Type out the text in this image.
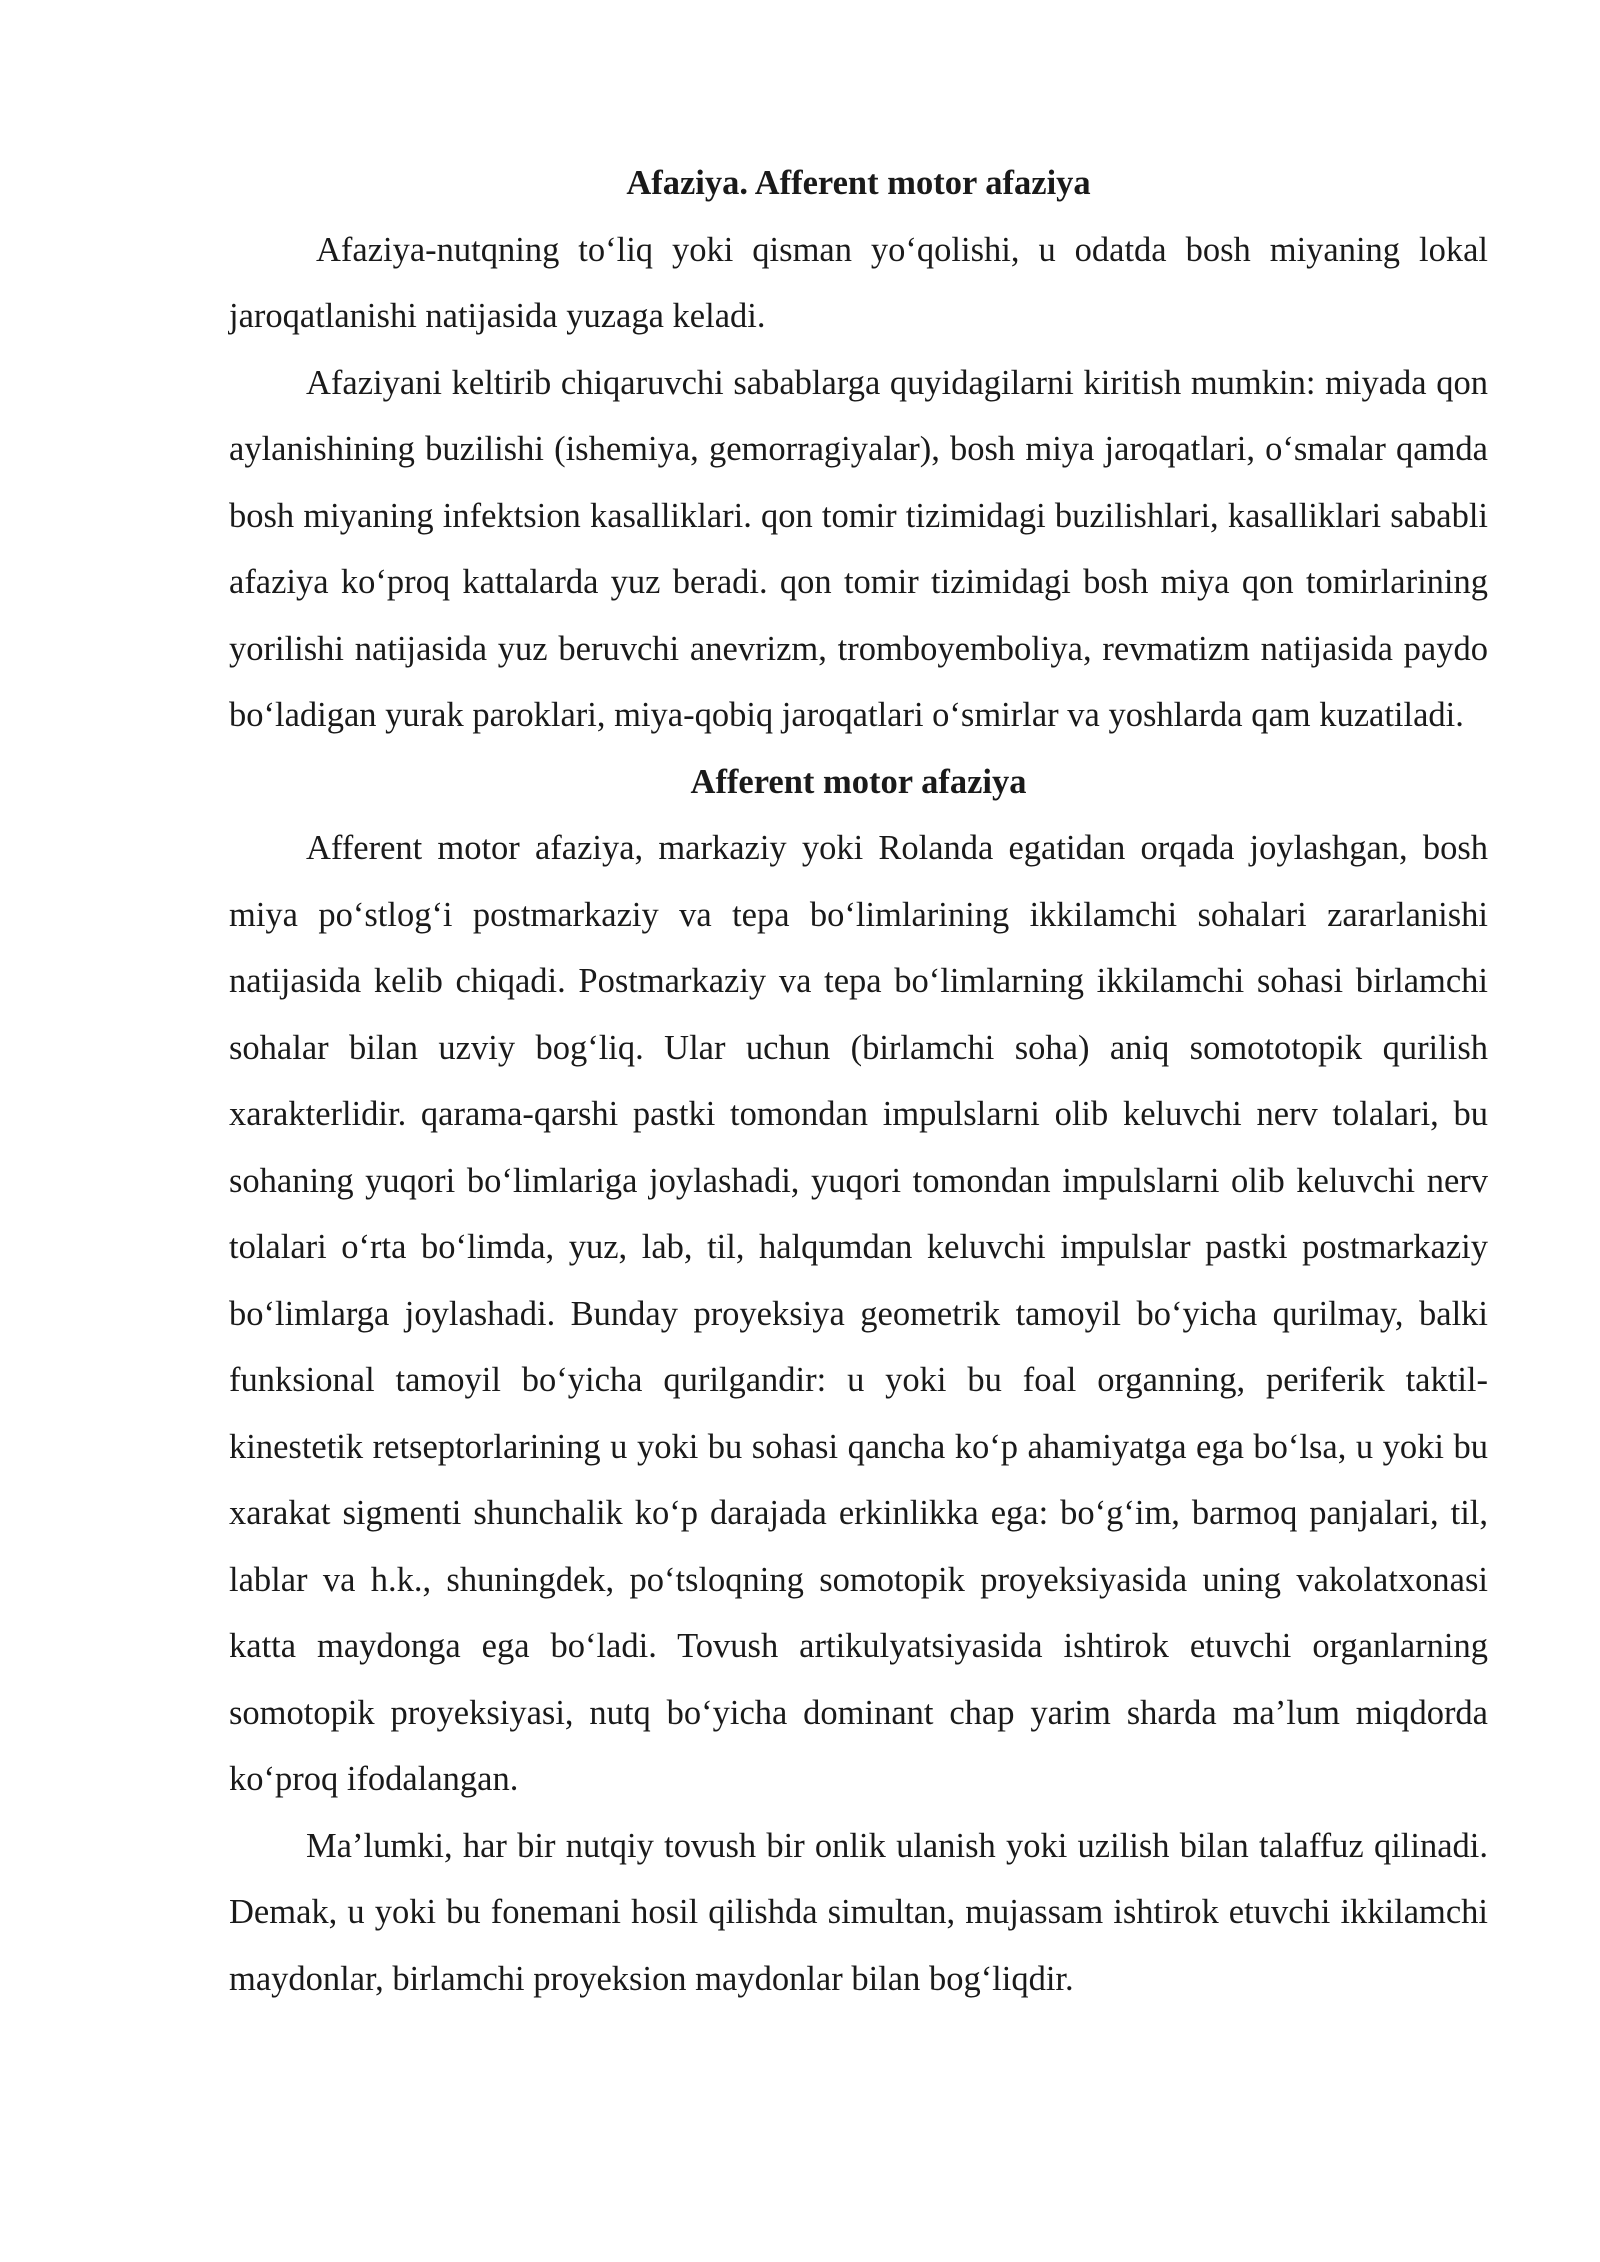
Afaziya. Afferent motor afaziya

Afaziya-nutqning to‘liq yoki qisman yo‘qolishi, u odatda bosh miyaning lokal jaroqatlanishi natijasida yuzaga keladi.

Afaziyani keltirib chiqaruvchi sabablarga quyidagilarni kiritish mumkin: miyada qon aylanishining buzilishi (ishemiya, gemorragiyalar), bosh miya jaroqatlari, o‘smalar qamda bosh miyaning infektsion kasalliklari. qon tomir tizimidagi buzilishlari, kasalliklari sababli afaziya ko‘proq kattalarda yuz beradi. qon tomir tizimidagi bosh miya qon tomirlarining yorilishi natijasida yuz beruvchi anevrizm, tromboyemboliya, revmatizm natijasida paydo bo‘ladigan yurak paroklari, miya-qobiq jaroqatlari o‘smirlar va yoshlarda qam kuzatiladi.

Afferent motor afaziya

Afferent motor afaziya, markaziy yoki Rolanda egatidan orqada joylashgan, bosh miya po‘stlog‘i postmarkaziy va tepa bo‘limlarining ikkilamchi sohalari zararlanishi natijasida kelib chiqadi. Postmarkaziy va tepa bo‘limlarning ikkilamchi sohasi birlamchi sohalar bilan uzviy bog‘liq. Ular uchun (birlamchi soha) aniq somototopik qurilish xarakterlidir. qarama-qarshi pastki tomondan impulslarni olib keluvchi nerv tolalari, bu sohaning yuqori bo‘limlariga joylashadi, yuqori tomondan impulslarni olib keluvchi nerv tolalari o‘rta bo‘limda, yuz, lab, til, halqumdan keluvchi impulslar pastki postmarkaziy bo‘limlarga joylashadi. Bunday proyeksiya geometrik tamoyil bo‘yicha qurilmay, balki funksional tamoyil bo‘yicha qurilgandir: u yoki bu foal organning, periferik taktil-kinestetik retseptorlarining u yoki bu sohasi qancha ko‘p ahamiyatga ega bo‘lsa, u yoki bu xarakat sigmenti shunchalik ko‘p darajada erkinlikka ega: bo‘g‘im, barmoq panjalari, til, lablar va h.k., shuningdek, po‘tsloqning somotopik proyeksiyasida uning vakolatxonasi katta maydonga ega bo‘ladi. Tovush artikulyatsiyasida ishtirok etuvchi organlarning somotopik proyeksiyasi, nutq bo‘yicha dominant chap yarim sharda ma’lum miqdorda ko‘proq ifodalangan.

Ma’lumki, har bir nutqiy tovush bir onlik ulanish yoki uzilish bilan talaffuz qilinadi. Demak, u yoki bu fonemani hosil qilishda simultan, mujassam ishtirok etuvchi ikkilamchi maydonlar, birlamchi proyeksion maydonlar bilan bog‘liqdir.
